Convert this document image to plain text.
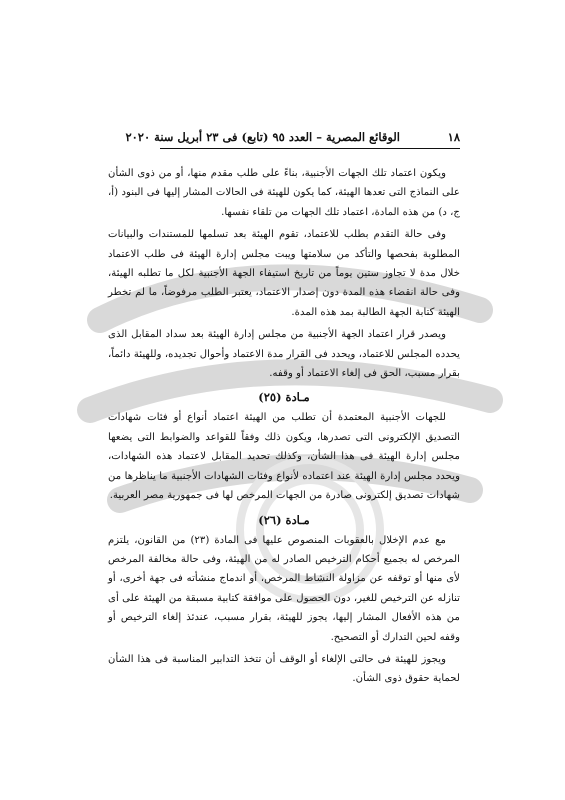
١٨
الوقائع المصرية – العدد ٩٥ (تابع) فى ٢٣ أبريل سنة ٢٠٢٠

ويكون اعتماد تلك الجهات الأجنبية، بناءً على طلب مقدم منها، أو من ذوى الشأن على النماذج التى تعدها الهيئة، كما يكون للهيئة فى الحالات المشار إليها فى البنود (أ، ج، د) من هذه المادة، اعتماد تلك الجهات من تلقاء نفسها.

وفى حالة التقدم بطلب للاعتماد، تقوم الهيئة بعد تسلمها للمستندات والبيانات المطلوبة بفحصها والتأكد من سلامتها ويبت مجلس إدارة الهيئة فى طلب الاعتماد خلال مدة لا تجاوز ستين يوماً من تاريخ استيفاء الجهة الأجنبية لكل ما تطلبه الهيئة، وفى حالة انقضاء هذه المدة دون إصدار الاعتماد، يعتبر الطلب مرفوضاً، ما لم تخطر الهيئة كتابة الجهة الطالبة بمد هذه المدة.

ويصدر قرار اعتماد الجهة الأجنبية من مجلس إدارة الهيئة بعد سداد المقابل الذى يحدده المجلس للاعتماد، ويحدد فى القرار مدة الاعتماد وأحوال تجديده، وللهيئة دائماً، بقرار مسبب، الحق فى إلغاء الاعتماد أو وقفه.

مـادة (٢٥)

للجهات الأجنبية المعتمدة أن تطلب من الهيئة اعتماد أنواع أو فئات شهادات التصديق الإلكترونى التى تصدرها، ويكون ذلك وفقاً للقواعد والضوابط التى يضعها مجلس إدارة الهيئة فى هذا الشأن، وكذلك تحديد المقابل لاعتماد هذه الشهادات، ويحدد مجلس إدارة الهيئة عند اعتماده لأنواع وفئات الشهادات الأجنبية ما يناظرها من شهادات تصديق إلكترونى صادرة من الجهات المرخص لها فى جمهورية مصر العربية.

مـادة (٢٦)

مع عدم الإخلال بالعقوبات المنصوص عليها فى المادة (٢٣) من القانون، يلتزم المرخص له بجميع أحكام الترخيص الصادر له من الهيئة، وفى حالة مخالفة المرخص لأى منها أو توقفه عن مزاولة النشاط المرخص، أو اندماج منشأته فى جهة أخرى، أو تنازله عن الترخيص للغير، دون الحصول على موافقة كتابية مسبقة من الهيئة على أى من هذه الأفعال المشار إليها، يجوز للهيئة، بقرار مسبب، عندئذ إلغاء الترخيص أو وقفه لحين التدارك أو التصحيح.

ويجوز للهيئة فى حالتى الإلغاء أو الوقف أن تتخذ التدابير المناسبة فى هذا الشأن لحماية حقوق ذوى الشأن.
